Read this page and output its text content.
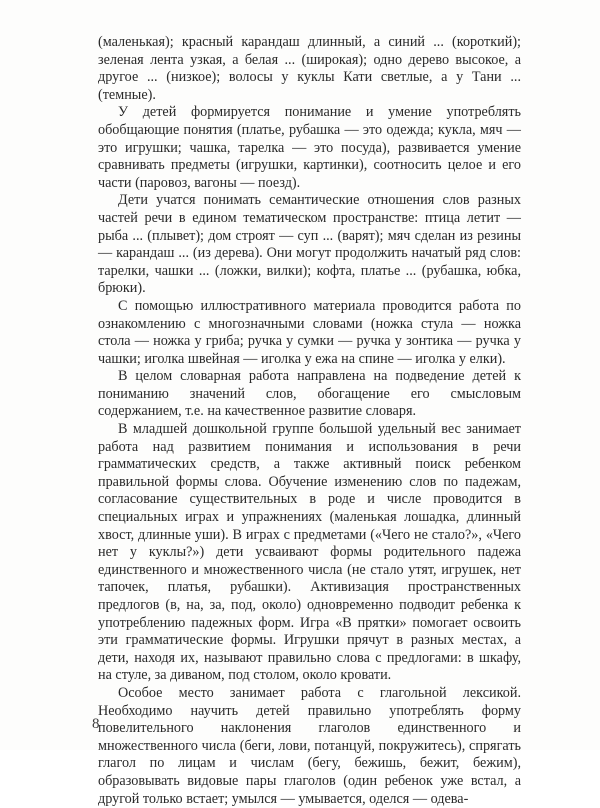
(маленькая); красный карандаш длинный, а синий ... (короткий); зеленая лента узкая, а белая ... (широкая); одно дерево высокое, а другое ... (низкое); волосы у куклы Кати светлые, а у Тани ... (темные).

У детей формируется понимание и умение употреблять обобщающие понятия (платье, рубашка — это одежда; кукла, мяч — это игрушки; чашка, тарелка — это посуда), развивается умение сравнивать предметы (игрушки, картинки), соотносить целое и его части (паровоз, вагоны — поезд).

Дети учатся понимать семантические отношения слов разных частей речи в едином тематическом пространстве: птица летит — рыба ... (плывет); дом строят — суп ... (варят); мяч сделан из резины — карандаш ... (из дерева). Они могут продолжить начатый ряд слов: тарелки, чашки ... (ложки, вилки); кофта, платье ... (рубашка, юбка, брюки).

С помощью иллюстративного материала проводится работа по ознакомлению с многозначными словами (ножка стула — ножка стола — ножка у гриба; ручка у сумки — ручка у зонтика — ручка у чашки; иголка швейная — иголка у ежа на спине — иголка у елки).

В целом словарная работа направлена на подведение детей к пониманию значений слов, обогащение его смысловым содержанием, т.е. на качественное развитие словаря.

В младшей дошкольной группе большой удельный вес занимает работа над развитием понимания и использования в речи грамматических средств, а также активный поиск ребенком правильной формы слова. Обучение изменению слов по падежам, согласование существительных в роде и числе проводится в специальных играх и упражнениях (маленькая лошадка, длинный хвост, длинные уши). В играх с предметами («Чего не стало?», «Чего нет у куклы?») дети усваивают формы родительного падежа единственного и множественного числа (не стало утят, игрушек, нет тапочек, платья, рубашки). Активизация пространственных предлогов (в, на, за, под, около) одновременно подводит ребенка к употреблению падежных форм. Игра «В прятки» помогает освоить эти грамматические формы. Игрушки прячут в разных местах, а дети, находя их, называют правильно слова с предлогами: в шкафу, на стуле, за диваном, под столом, около кровати.

Особое место занимает работа с глагольной лексикой. Необходимо научить детей правильно употреблять форму повелительного наклонения глаголов единственного и множественного числа (беги, лови, потанцуй, покружитесь), спрягать глагол по лицам и числам (бегу, бежишь, бежит, бежим), образовывать видовые пары глаголов (один ребенок уже встал, а другой только встает; умылся — умывается, оделся — одева-

8
